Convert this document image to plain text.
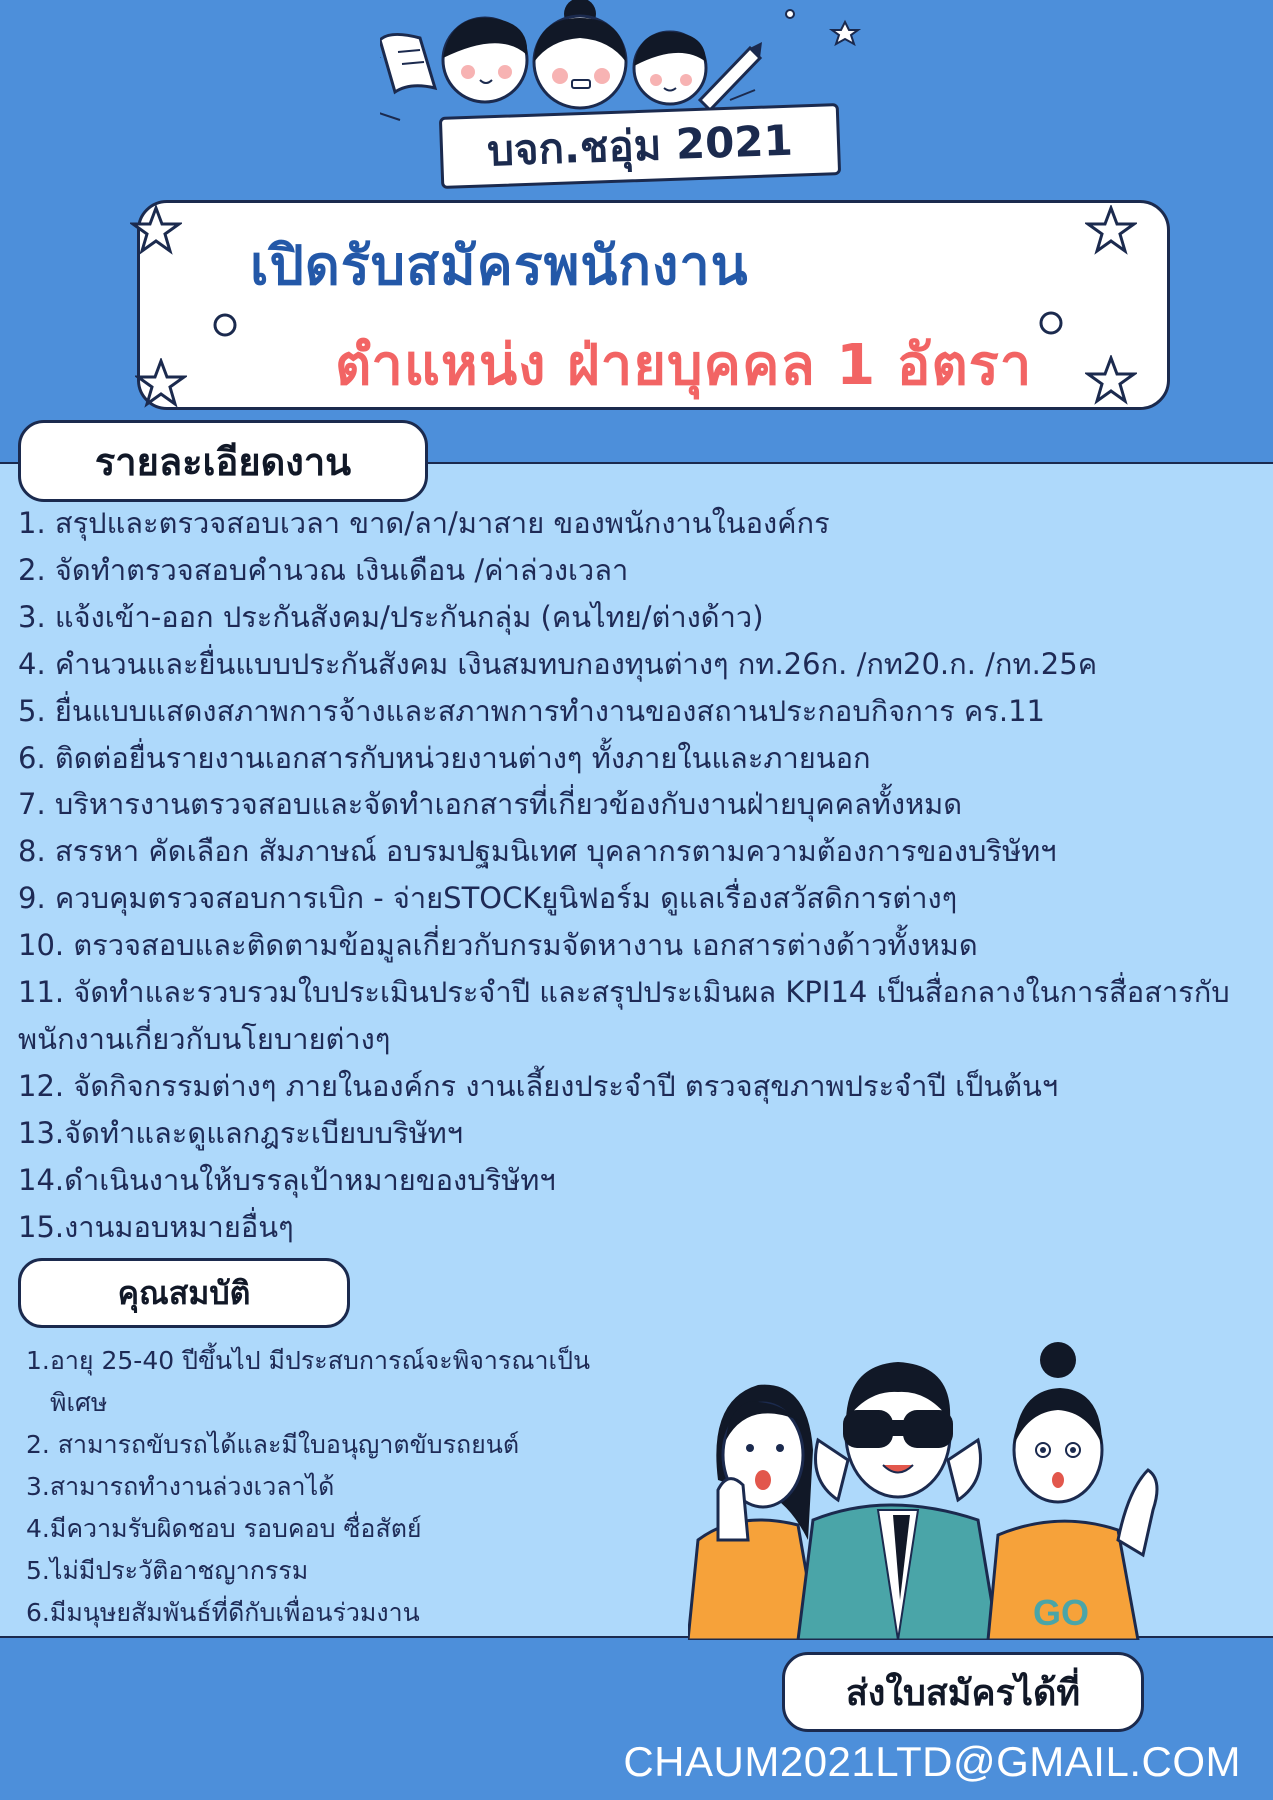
บจก.ชอุ่ม 2021
เปิดรับสมัครพนักงาน
ตำแหน่ง ฝ่ายบุคคล 1 อัตรา
รายละเอียดงาน
1. สรุปและตรวจสอบเวลา ขาด/ลา/มาสาย ของพนักงานในองค์กร
2. จัดทำตรวจสอบคำนวณ เงินเดือน /ค่าล่วงเวลา
3. แจ้งเข้า-ออก ประกันสังคม/ประกันกลุ่ม (คนไทย/ต่างด้าว)
4. คำนวนและยื่นแบบประกันสังคม เงินสมทบกองทุนต่างๆ กท.26ก. /กท20.ก. /กท.25ค
5. ยื่นแบบแสดงสภาพการจ้างและสภาพการทำงานของสถานประกอบกิจการ คร.11
6. ติดต่อยื่นรายงานเอกสารกับหน่วยงานต่างๆ ทั้งภายในและภายนอก
7. บริหารงานตรวจสอบและจัดทำเอกสารที่เกี่ยวข้องกับงานฝ่ายบุคคลทั้งหมด
8. สรรหา คัดเลือก สัมภาษณ์ อบรมปฐมนิเทศ บุคลากรตามความต้องการของบริษัทฯ
9. ควบคุมตรวจสอบการเบิก - จ่ายSTOCKยูนิฟอร์ม ดูแลเรื่องสวัสดิการต่างๆ
10. ตรวจสอบและติดตามข้อมูลเกี่ยวกับกรมจัดหางาน เอกสารต่างด้าวทั้งหมด
11. จัดทำและรวบรวมใบประเมินประจำปี และสรุปประเมินผล KPI14 เป็นสื่อกลางในการสื่อสารกับ
พนักงานเกี่ยวกับนโยบายต่างๆ
12. จัดกิจกรรมต่างๆ ภายในองค์กร งานเลี้ยงประจำปี ตรวจสุขภาพประจำปี เป็นต้นฯ
13.จัดทำและดูแลกฎระเบียบบริษัทฯ
14.ดำเนินงานให้บรรลุเป้าหมายของบริษัทฯ
15.งานมอบหมายอื่นๆ
คุณสมบัติ
1.อายุ 25-40 ปีขึ้นไป มีประสบการณ์จะพิจารณาเป็น
พิเศษ
2. สามารถขับรถได้และมีใบอนุญาตขับรถยนต์
3.สามารถทำงานล่วงเวลาได้
4.มีความรับผิดชอบ รอบคอบ ซื่อสัตย์
5.ไม่มีประวัติอาชญากรรม
6.มีมนุษยสัมพันธ์ที่ดีกับเพื่อนร่วมงาน	GO
ส่งใบสมัครได้ที่
CHAUM2021LTD@GMAIL.COM
